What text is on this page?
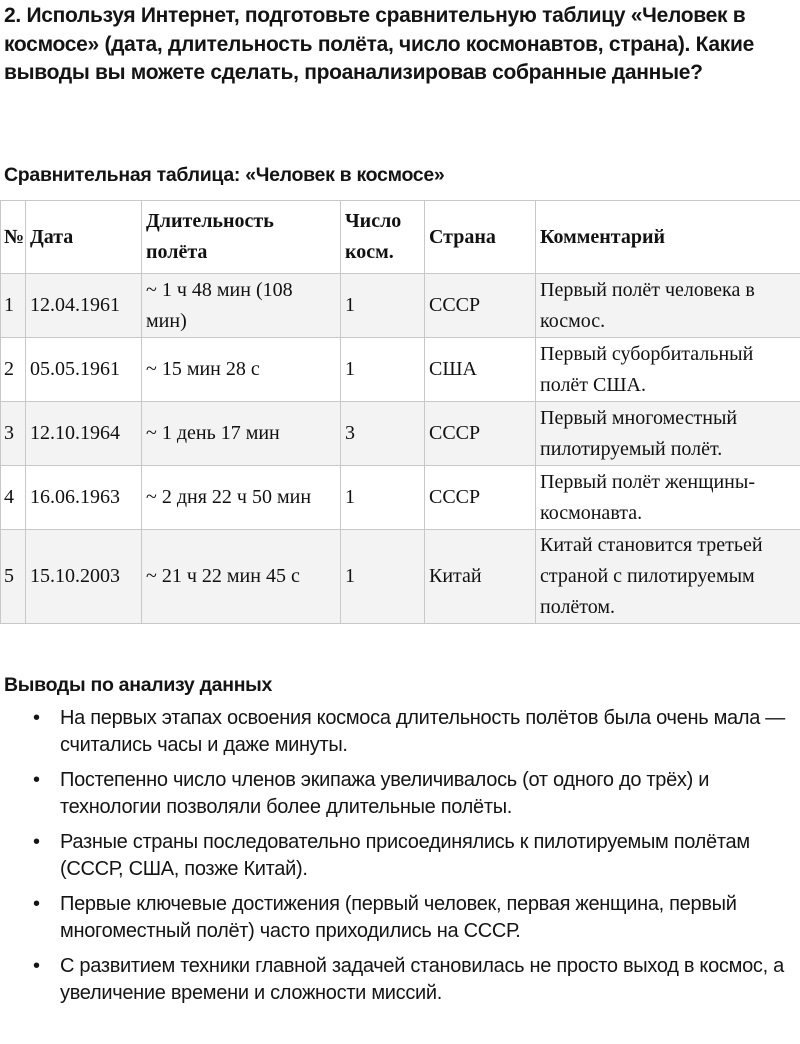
2. Используя Интернет, подготовьте сравнительную таблицу «Человек в космосе» (дата, длительность полёта, число космонавтов, страна). Какие выводы вы можете сделать, проанализировав собранные данные?
Сравнительная таблица: «Человек в космосе»
№	Дата	Длительность полёта	Число косм.	Страна	Комментарий
1	12.04.1961	~ 1 ч 48 мин (108 мин)	1	СССР	Первый полёт человека в космос.
2	05.05.1961	~ 15 мин 28 с	1	США	Первый суборбитальный полёт США.
3	12.10.1964	~ 1 день 17 мин	3	СССР	Первый многоместный пилотируемый полёт.
4	16.06.1963	~ 2 дня 22 ч 50 мин	1	СССР	Первый полёт женщины-космонавта.
5	15.10.2003	~ 21 ч 22 мин 45 с	1	Китай	Китай становится третьей страной с пилотируемым полётом.
Выводы по анализу данных
• На первых этапах освоения космоса длительность полётов была очень мала — считались часы и даже минуты.
• Постепенно число членов экипажа увеличивалось (от одного до трёх) и технологии позволяли более длительные полёты.
• Разные страны последовательно присоединялись к пилотируемым полётам (СССР, США, позже Китай).
• Первые ключевые достижения (первый человек, первая женщина, первый многоместный полёт) часто приходились на СССР.
• С развитием техники главной задачей становилась не просто выход в космос, а увеличение времени и сложности миссий.
